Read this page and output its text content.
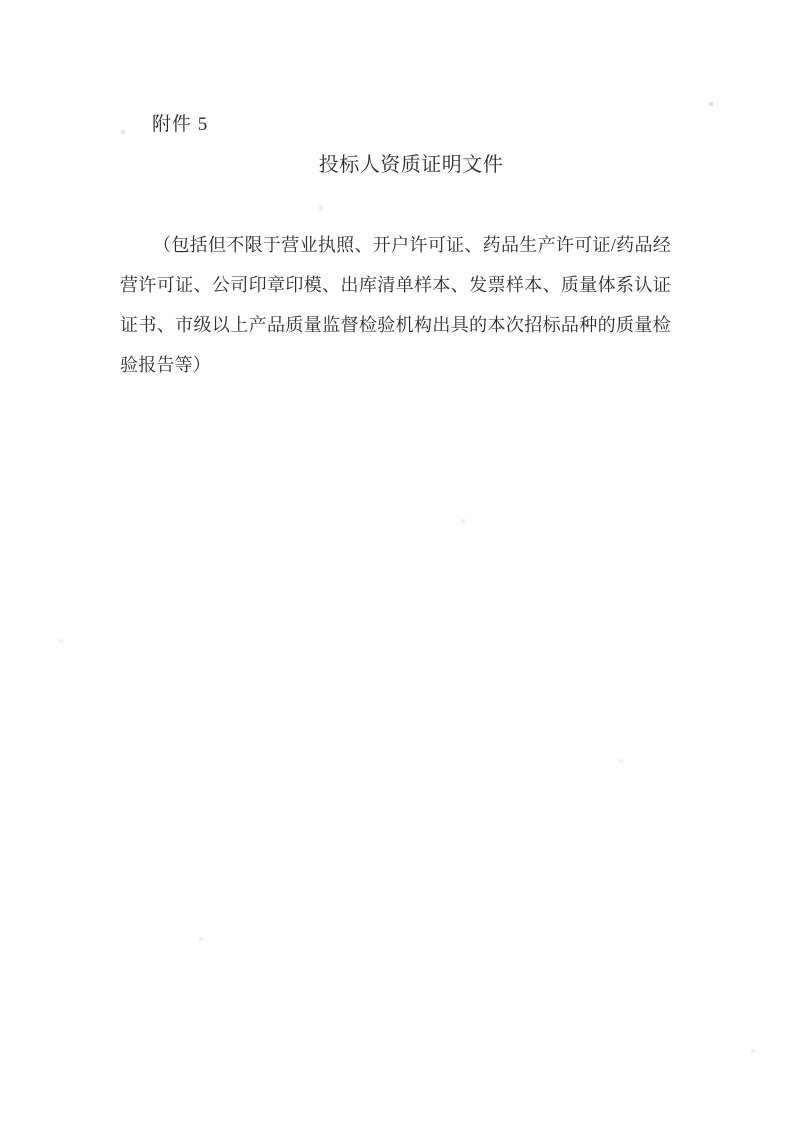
附件 5
投标人资质证明文件

（包括但不限于营业执照、开户许可证、药品生产许可证/药品经营许可证、公司印章印模、出库清单样本、发票样本、质量体系认证证书、市级以上产品质量监督检验机构出具的本次招标品种的质量检验报告等）
